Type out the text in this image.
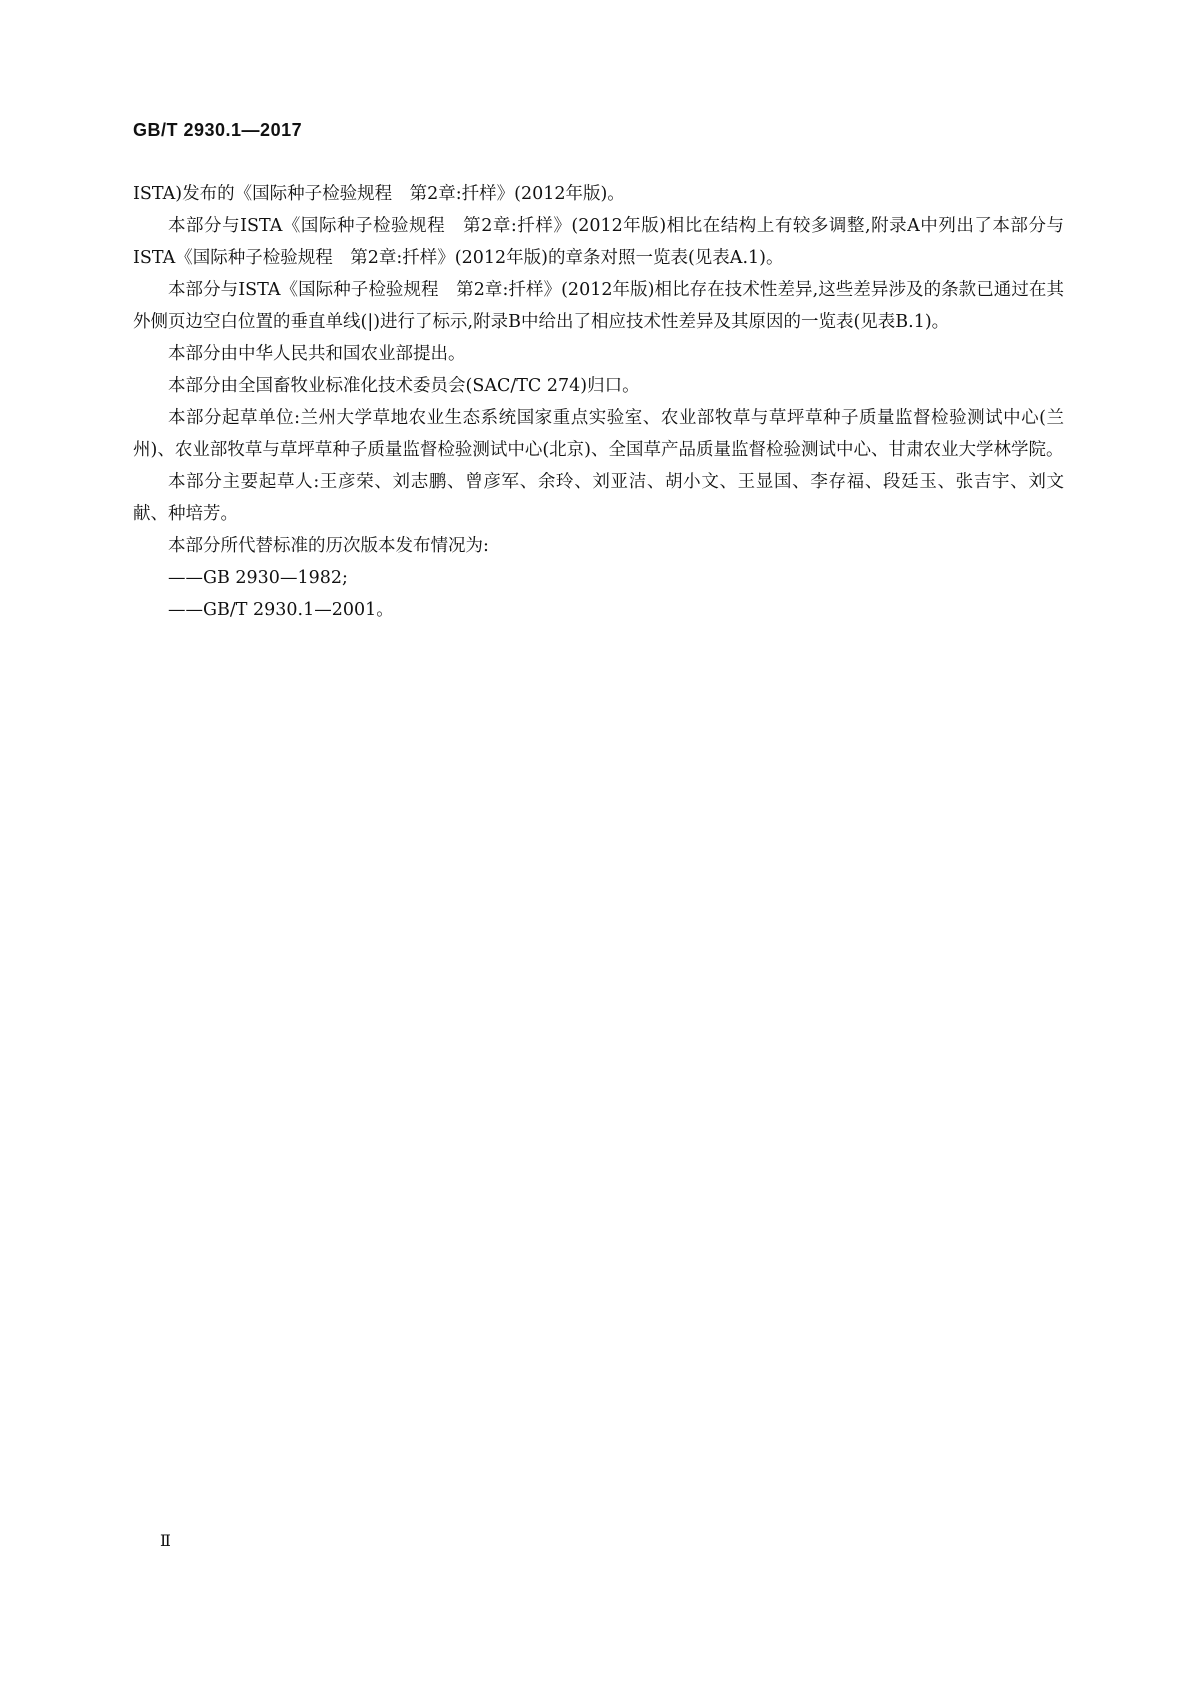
GB/T 2930.1—2017

ISTA)发布的《国际种子检验规程　第2章:扦样》(2012年版)。

本部分与ISTA《国际种子检验规程　第2章:扦样》(2012年版)相比在结构上有较多调整,附录A中列出了本部分与ISTA《国际种子检验规程　第2章:扦样》(2012年版)的章条对照一览表(见表A.1)。

本部分与ISTA《国际种子检验规程　第2章:扦样》(2012年版)相比存在技术性差异,这些差异涉及的条款已通过在其外侧页边空白位置的垂直单线(|)进行了标示,附录B中给出了相应技术性差异及其原因的一览表(见表B.1)。

本部分由中华人民共和国农业部提出。

本部分由全国畜牧业标准化技术委员会(SAC/TC 274)归口。

本部分起草单位:兰州大学草地农业生态系统国家重点实验室、农业部牧草与草坪草种子质量监督检验测试中心(兰州)、农业部牧草与草坪草种子质量监督检验测试中心(北京)、全国草产品质量监督检验测试中心、甘肃农业大学林学院。

本部分主要起草人:王彦荣、刘志鹏、曾彦军、余玲、刘亚洁、胡小文、王显国、李存福、段廷玉、张吉宇、刘文献、种培芳。

本部分所代替标准的历次版本发布情况为:

——GB 2930—1982;

——GB/T 2930.1—2001。

Ⅱ
